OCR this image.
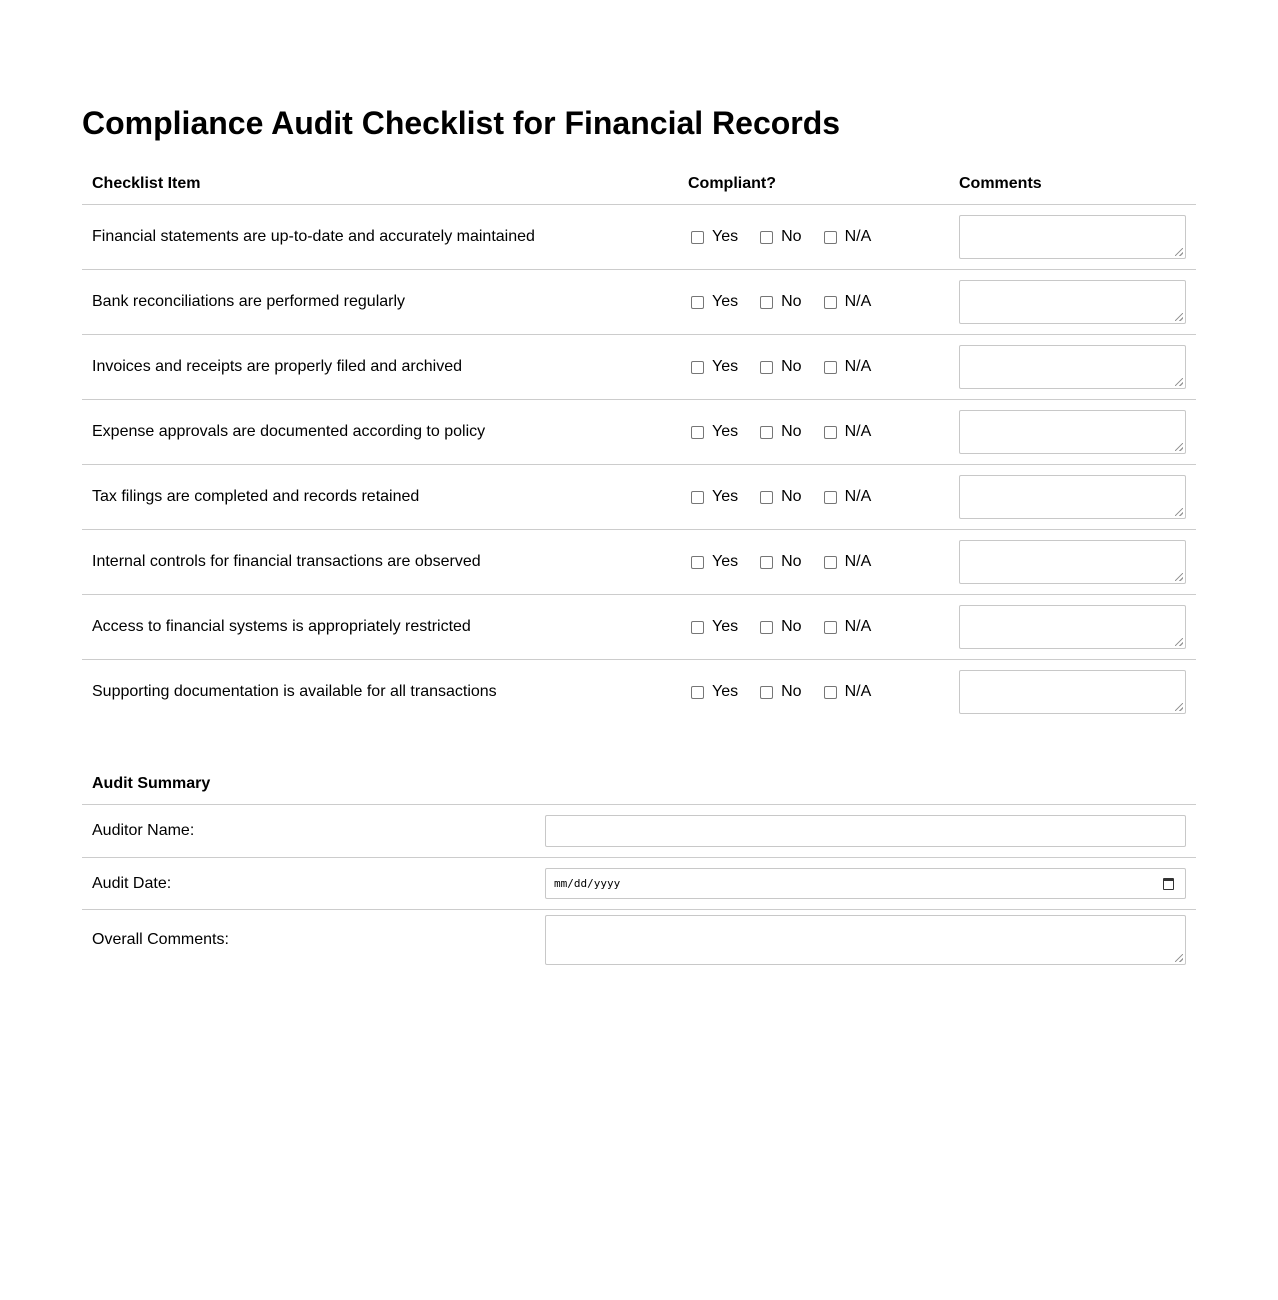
Compliance Audit Checklist for Financial Records
Checklist Item	Compliant?	Comments
Financial statements are up-to-date and accurately maintained	Yes No N/A	

Bank reconciliations are performed regularly	Yes No N/A	

Invoices and receipts are properly filed and archived	Yes No N/A	

Expense approvals are documented according to policy	Yes No N/A	

Tax filings are completed and records retained	Yes No N/A	

Internal controls for financial transactions are observed	Yes No N/A	

Access to financial systems is appropriately restricted	Yes No N/A	

Supporting documentation is available for all transactions	Yes No N/A	

Audit Summary	
Auditor Name:	

Audit Date:	mm/dd/yyyy

Overall Comments:	
